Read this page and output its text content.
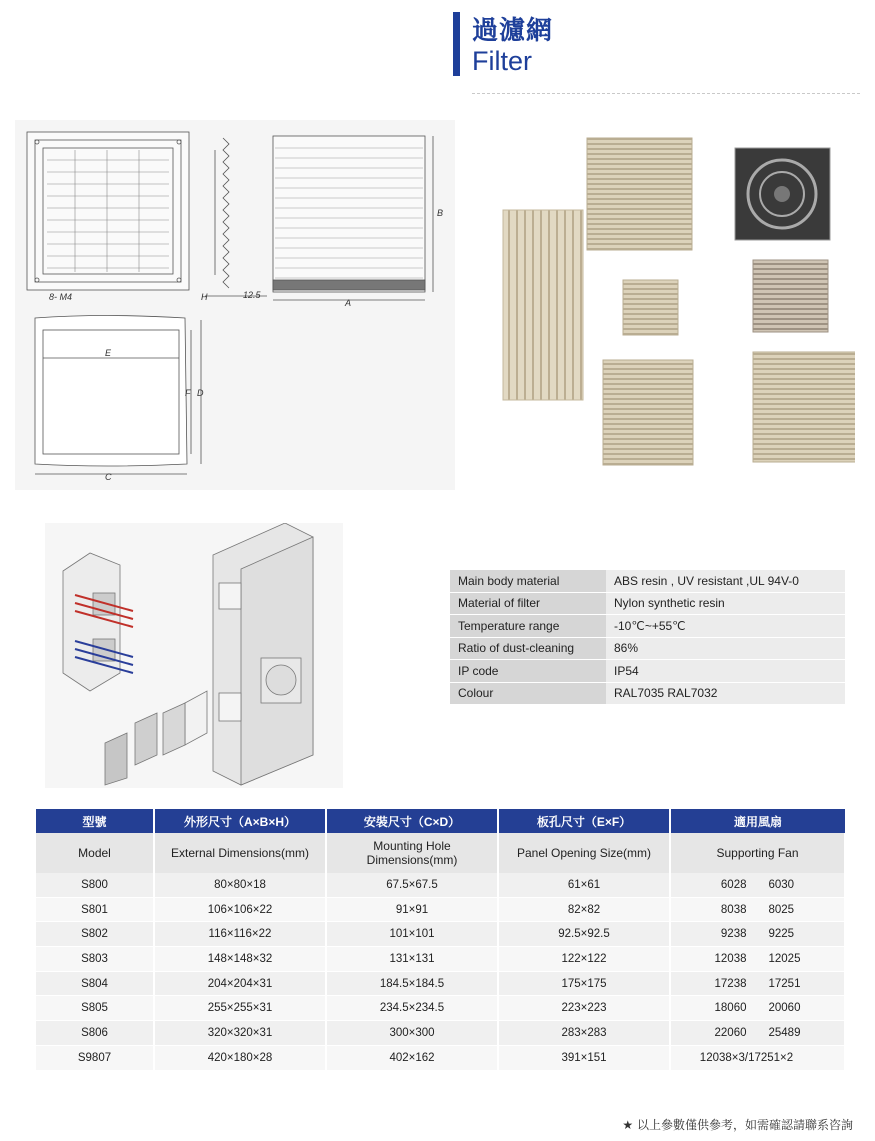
過濾網
Filter
8- M4	H	12.5
A
B
E
F D
C
Main body material	ABS resin , UV resistant ,UL 94V-0
Material of filter	Nylon synthetic resin
Temperature range	-10℃~+55℃
Ratio of dust-cleaning	86%
IP code	IP54
Colour	RAL7035 RAL7032
型號	外形尺寸（A×B×H）	安裝尺寸（C×D）	板孔尺寸（E×F）	適用風扇
Model	External Dimensions(mm)	Mounting Hole Dimensions(mm)	Panel Opening Size(mm)	Supporting Fan
S800	80×80×18	67.5×67.5	61×61	6028 6030

S801	106×106×22	91×91	82×82	8038 8025

S802	116×116×22	101×101	92.5×92.5	9238 9225

S803	148×148×32	131×131	122×122	12038 12025

S804	204×204×31	184.5×184.5	175×175	17238 17251

S805	255×255×31	234.5×234.5	223×223	18060 20060

S806	320×320×31	300×300	283×283	22060 25489

S9807	420×180×28	402×162	391×151	12038×3/17251×2
★ 以上參數僅供參考，如需確認請聯系咨詢
